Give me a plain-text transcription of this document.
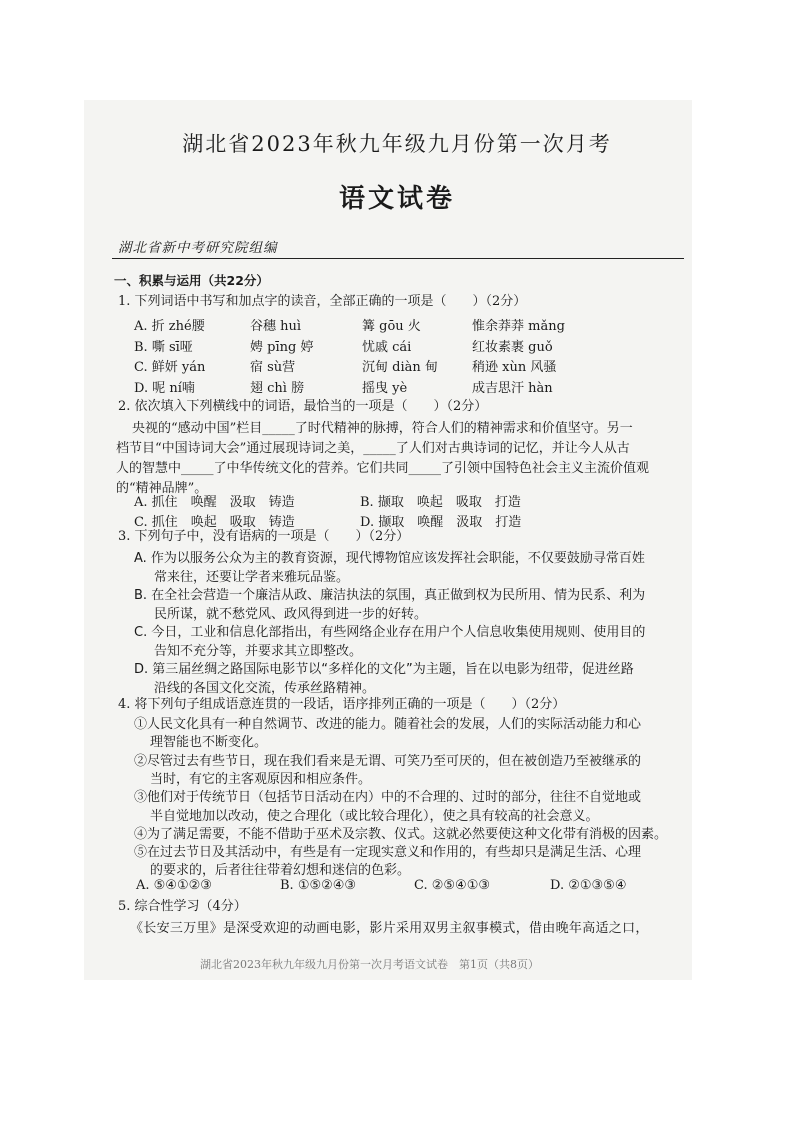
湖北省2023年秋九年级九月份第一次月考
语文试卷
湖北省新中考研究院组编
一、积累与运用（共22分）
1. 下列词语中书写和加点字的读音，全部正确的一项是（　　）（2分）
A. 折 zhé腰	谷穗 huì	篝 gōu 火	惟余莽莽 mǎng
B. 嘶 sī哑	娉 pīng 婷	忧戚 cái	红妆素裹 guǒ
C. 鲜妍 yán	宿 sù营	沉甸 diàn 甸	稍逊 xùn 风骚
D. 呢 ní喃	翅 chì 膀	摇曳 yè	成吉思汗 hàn
2. 依次填入下列横线中的词语，最恰当的一项是（　　）（2分）
央视的“感动中国”栏目_____了时代精神的脉搏，符合人们的精神需求和价值坚守。另一
档节目“中国诗词大会”通过展现诗词之美，_____了人们对古典诗词的记忆，并让今人从古
人的智慧中_____了中华传统文化的营养。它们共同_____了引领中国特色社会主义主流价值观
的“精神品牌”。
A. 抓住　唤醒　汲取　铸造	B. 撷取　唤起　吸取　打造
C. 抓住　唤起　吸取　铸造	D. 撷取　唤醒　汲取　打造
3. 下列句子中，没有语病的一项是（　　）（2分）
A. 作为以服务公众为主的教育资源，现代博物馆应该发挥社会职能，不仅要鼓励寻常百姓
常来往，还要让学者来雅玩品鉴。
B. 在全社会营造一个廉洁从政、廉洁执法的氛围，真正做到权为民所用、情为民系、利为
民所谋，就不愁党风、政风得到进一步的好转。
C. 今日，工业和信息化部指出，有些网络企业存在用户个人信息收集使用规则、使用目的
告知不充分等，并要求其立即整改。
D. 第三届丝绸之路国际电影节以“多样化的文化”为主题，旨在以电影为纽带，促进丝路
沿线的各国文化交流，传承丝路精神。
4. 将下列句子组成语意连贯的一段话，语序排列正确的一项是（　　）（2分）
①人民文化具有一种自然调节、改进的能力。随着社会的发展，人们的实际活动能力和心
理智能也不断变化。
②尽管过去有些节日，现在我们看来是无谓、可笑乃至可厌的，但在被创造乃至被继承的
当时，有它的主客观原因和相应条件。
③他们对于传统节日（包括节日活动在内）中的不合理的、过时的部分，往往不自觉地或
半自觉地加以改动，使之合理化（或比较合理化），使之具有较高的社会意义。
④为了满足需要，不能不借助于巫术及宗教、仪式。这就必然要使这种文化带有消极的因素。
⑤在过去节日及其活动中，有些是有一定现实意义和作用的，有些却只是满足生活、心理
的要求的，后者往往带着幻想和迷信的色彩。
A. ⑤④①②③	B. ①⑤②④③	C. ②⑤④①③	D. ②①③⑤④
5. 综合性学习（4分）
《长安三万里》是深受欢迎的动画电影，影片采用双男主叙事模式，借由晚年高适之口，
湖北省2023年秋九年级九月份第一次月考语文试卷　第1页（共8页）
